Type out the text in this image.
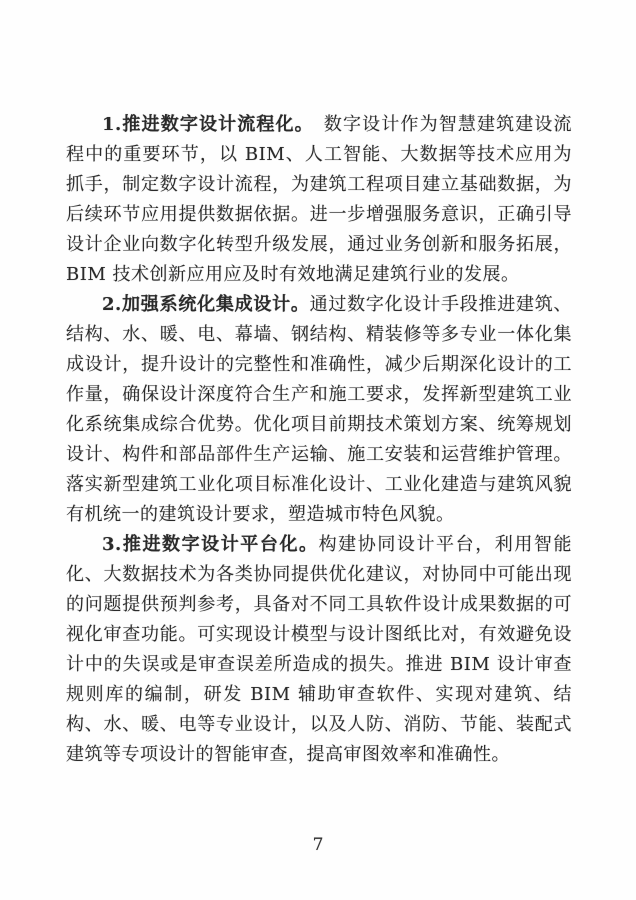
1.推进数字设计流程化。　数字设计作为智慧建筑建设流程中的重要环节，以 BIM、人工智能、大数据等技术应用为抓手，制定数字设计流程，为建筑工程项目建立基础数据，为后续环节应用提供数据依据。进一步增强服务意识，正确引导设计企业向数字化转型升级发展，通过业务创新和服务拓展，BIM 技术创新应用应及时有效地满足建筑行业的发展。

2.加强系统化集成设计。通过数字化设计手段推进建筑、结构、水、暖、电、幕墙、钢结构、精装修等多专业一体化集成设计，提升设计的完整性和准确性，减少后期深化设计的工作量，确保设计深度符合生产和施工要求，发挥新型建筑工业化系统集成综合优势。优化项目前期技术策划方案、统筹规划设计、构件和部品部件生产运输、施工安装和运营维护管理。落实新型建筑工业化项目标准化设计、工业化建造与建筑风貌有机统一的建筑设计要求，塑造城市特色风貌。

3.推进数字设计平台化。构建协同设计平台，利用智能化、大数据技术为各类协同提供优化建议，对协同中可能出现的问题提供预判参考，具备对不同工具软件设计成果数据的可视化审查功能。可实现设计模型与设计图纸比对，有效避免设计中的失误或是审查误差所造成的损失。推进 BIM 设计审查规则库的编制，研发 BIM 辅助审查软件、实现对建筑、结构、水、暖、电等专业设计，以及人防、消防、节能、装配式建筑等专项设计的智能审查，提高审图效率和准确性。

7
